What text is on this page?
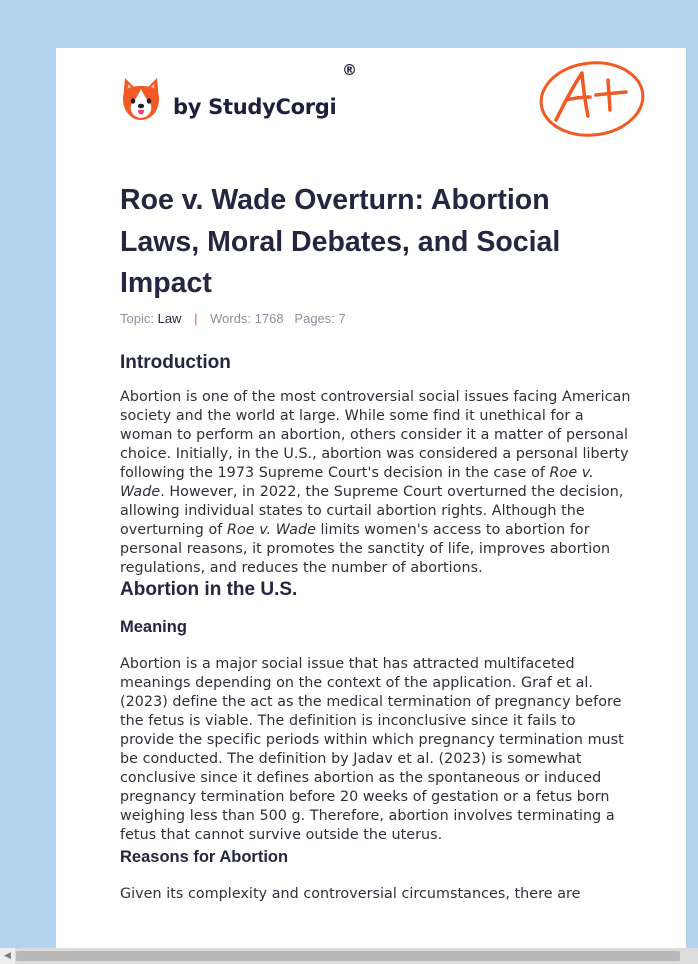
by StudyCorgi
®
Roe v. Wade Overturn: Abortion Laws, Moral Debates, and Social Impact
Topic: Law | Words: 1768 Pages: 7
Introduction

Abortion is one of the most controversial social issues facing American society and the world at large. While some find it unethical for a woman to perform an abortion, others consider it a matter of personal choice. Initially, in the U.S., abortion was considered a personal liberty following the 1973 Supreme Court's decision in the case of Roe v. Wade. However, in 2022, the Supreme Court overturned the decision, allowing individual states to curtail abortion rights. Although the overturning of Roe v. Wade limits women's access to abortion for personal reasons, it promotes the sanctity of life, improves abortion regulations, and reduces the number of abortions.

Abortion in the U.S.
Meaning

Abortion is a major social issue that has attracted multifaceted meanings depending on the context of the application. Graf et al. (2023) define the act as the medical termination of pregnancy before the fetus is viable. The definition is inconclusive since it fails to provide the specific periods within which pregnancy termination must be conducted. The definition by Jadav et al. (2023) is somewhat conclusive since it defines abortion as the spontaneous or induced pregnancy termination before 20 weeks of gestation or a fetus born weighing less than 500 g. Therefore, abortion involves terminating a fetus that cannot survive outside the uterus.

Reasons for Abortion

Given its complexity and controversial circumstances, there are

◀
